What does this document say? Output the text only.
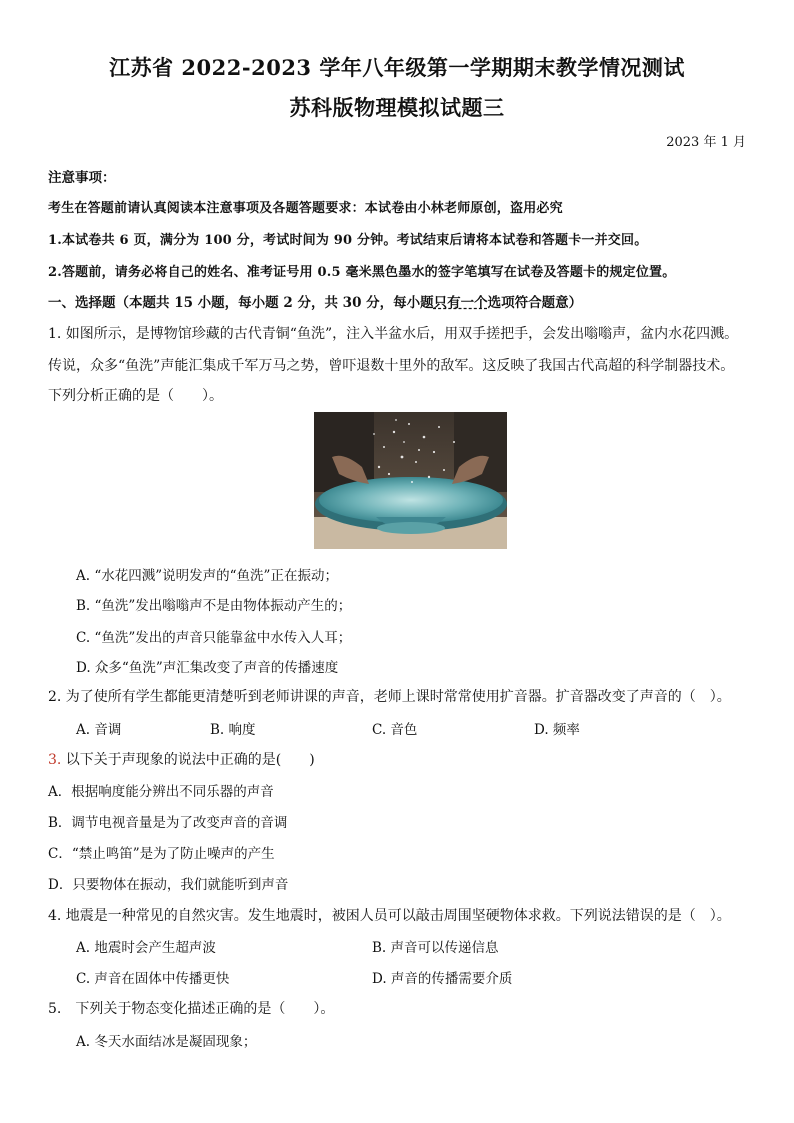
江苏省 2022-2023 学年八年级第一学期期末教学情况测试
苏科版物理模拟试题三
2023 年 1 月
注意事项：
考生在答题前请认真阅读本注意事项及各题答题要求：本试卷由小林老师原创，盗用必究
1.本试卷共 6 页，满分为 100 分，考试时间为 90 分钟。考试结束后请将本试卷和答题卡一并交回。
2.答题前，请务必将自己的姓名、准考证号用 0.5 毫米黑色墨水的签字笔填写在试卷及答题卡的规定位置。
一、选择题（本题共 15 小题，每小题 2 分，共 30 分，每小题只有一个选项符合题意）
1. 如图所示，是博物馆珍藏的古代青铜“鱼洗”，注入半盆水后，用双手搓把手，会发出嗡嗡声，盆内水花四溅。
传说，众多“鱼洗”声能汇集成千军万马之势，曾吓退数十里外的敌军。这反映了我国古代高超的科学制器技术。
下列分析正确的是（　　）。
A. “水花四溅”说明发声的“鱼洗”正在振动；
B. “鱼洗”发出嗡嗡声不是由物体振动产生的；
C. “鱼洗”发出的声音只能靠盆中水传入人耳；
D. 众多“鱼洗”声汇集改变了声音的传播速度
2. 为了使所有学生都能更清楚听到老师讲课的声音，老师上课时常常使用扩音器。扩音器改变了声音的（　）。
A. 音调	B. 响度	C. 音色	D. 频率
3. 以下关于声现象的说法中正确的是(　　)
A．根据响度能分辨出不同乐器的声音
B．调节电视音量是为了改变声音的音调
C．“禁止鸣笛”是为了防止噪声的产生
D．只要物体在振动，我们就能听到声音
4. 地震是一种常见的自然灾害。发生地震时，被困人员可以敲击周围坚硬物体求救。下列说法错误的是（　）。
A. 地震时会产生超声波	B. 声音可以传递信息
C. 声音在固体中传播更快	D. 声音的传播需要介质
5.　下列关于物态变化描述正确的是（　　）。
A. 冬天水面结冰是凝固现象；
